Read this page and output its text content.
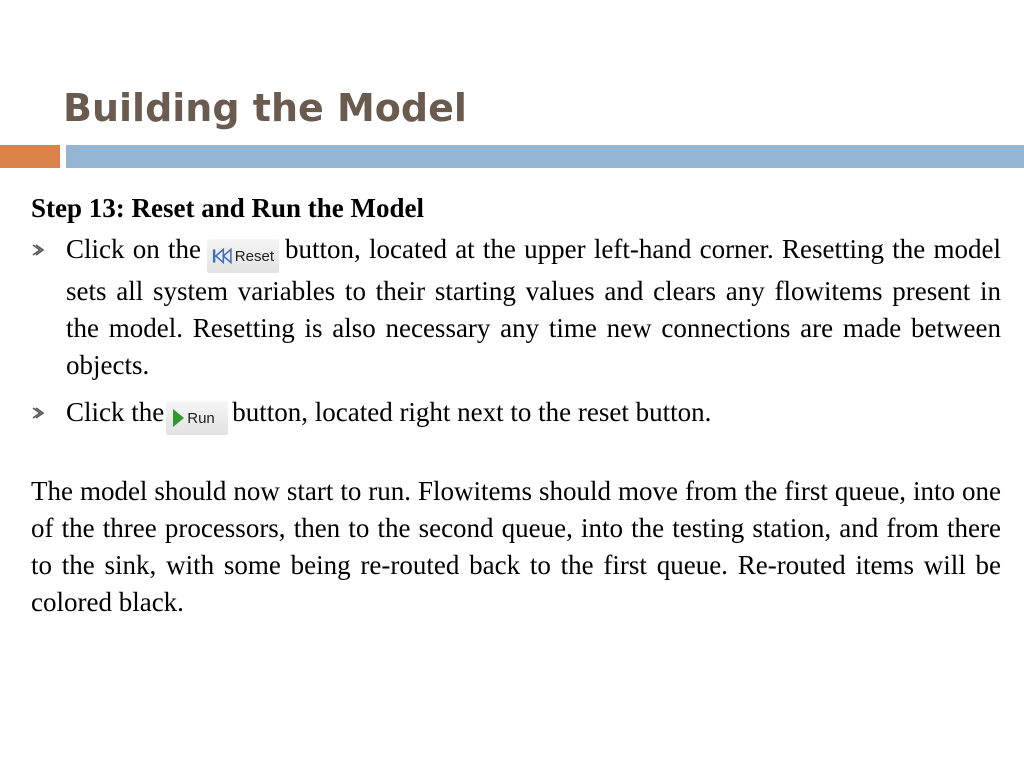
Building the Model

Step 13: Reset and Run the Model

Click on the Reset button, located at the upper left-hand corner. Resetting the model sets all system variables to their starting values and clears any flowitems present in the model. Resetting is also necessary any time new connections are made between objects.
Click the Run button, located right next to the reset button.

The model should now start to run. Flowitems should move from the first queue, into one of the three processors, then to the second queue, into the testing station, and from there to the sink, with some being re-routed back to the first queue. Re-routed items will be colored black.
